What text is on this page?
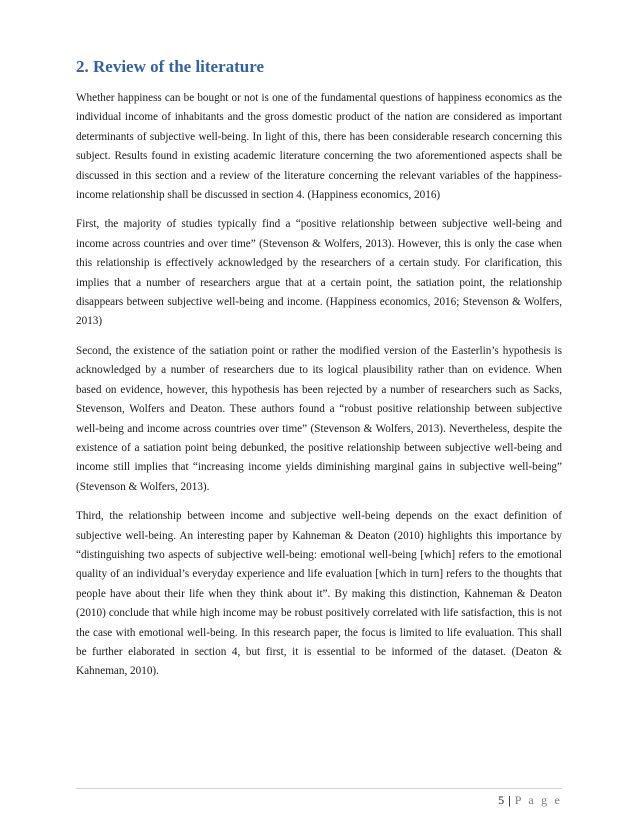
2. Review of the literature

Whether happiness can be bought or not is one of the fundamental questions of happiness economics as the individual income of inhabitants and the gross domestic product of the nation are considered as important determinants of subjective well-being. In light of this, there has been considerable research concerning this subject. Results found in existing academic literature concerning the two aforementioned aspects shall be discussed in this section and a review of the literature concerning the relevant variables of the happiness-income relationship shall be discussed in section 4. (Happiness economics, 2016)

First, the majority of studies typically find a “positive relationship between subjective well-being and income across countries and over time” (Stevenson & Wolfers, 2013). However, this is only the case when this relationship is effectively acknowledged by the researchers of a certain study. For clarification, this implies that a number of researchers argue that at a certain point, the satiation point, the relationship disappears between subjective well-being and income. (Happiness economics, 2016; Stevenson & Wolfers, 2013)

Second, the existence of the satiation point or rather the modified version of the Easterlin’s hypothesis is acknowledged by a number of researchers due to its logical plausibility rather than on evidence. When based on evidence, however, this hypothesis has been rejected by a number of researchers such as Sacks, Stevenson, Wolfers and Deaton. These authors found a “robust positive relationship between subjective well-being and income across countries over time” (Stevenson & Wolfers, 2013). Nevertheless, despite the existence of a satiation point being debunked, the positive relationship between subjective well-being and income still implies that “increasing income yields diminishing marginal gains in subjective well-being” (Stevenson & Wolfers, 2013).

Third, the relationship between income and subjective well-being depends on the exact definition of subjective well-being. An interesting paper by Kahneman & Deaton (2010) highlights this importance by “distinguishing two aspects of subjective well-being: emotional well-being [which] refers to the emotional quality of an individual’s everyday experience and life evaluation [which in turn] refers to the thoughts that people have about their life when they think about it”. By making this distinction, Kahneman & Deaton (2010) conclude that while high income may be robust positively correlated with life satisfaction, this is not the case with emotional well-being. In this research paper, the focus is limited to life evaluation. This shall be further elaborated in section 4, but first, it is essential to be informed of the dataset. (Deaton & Kahneman, 2010).

5 | P a g e
